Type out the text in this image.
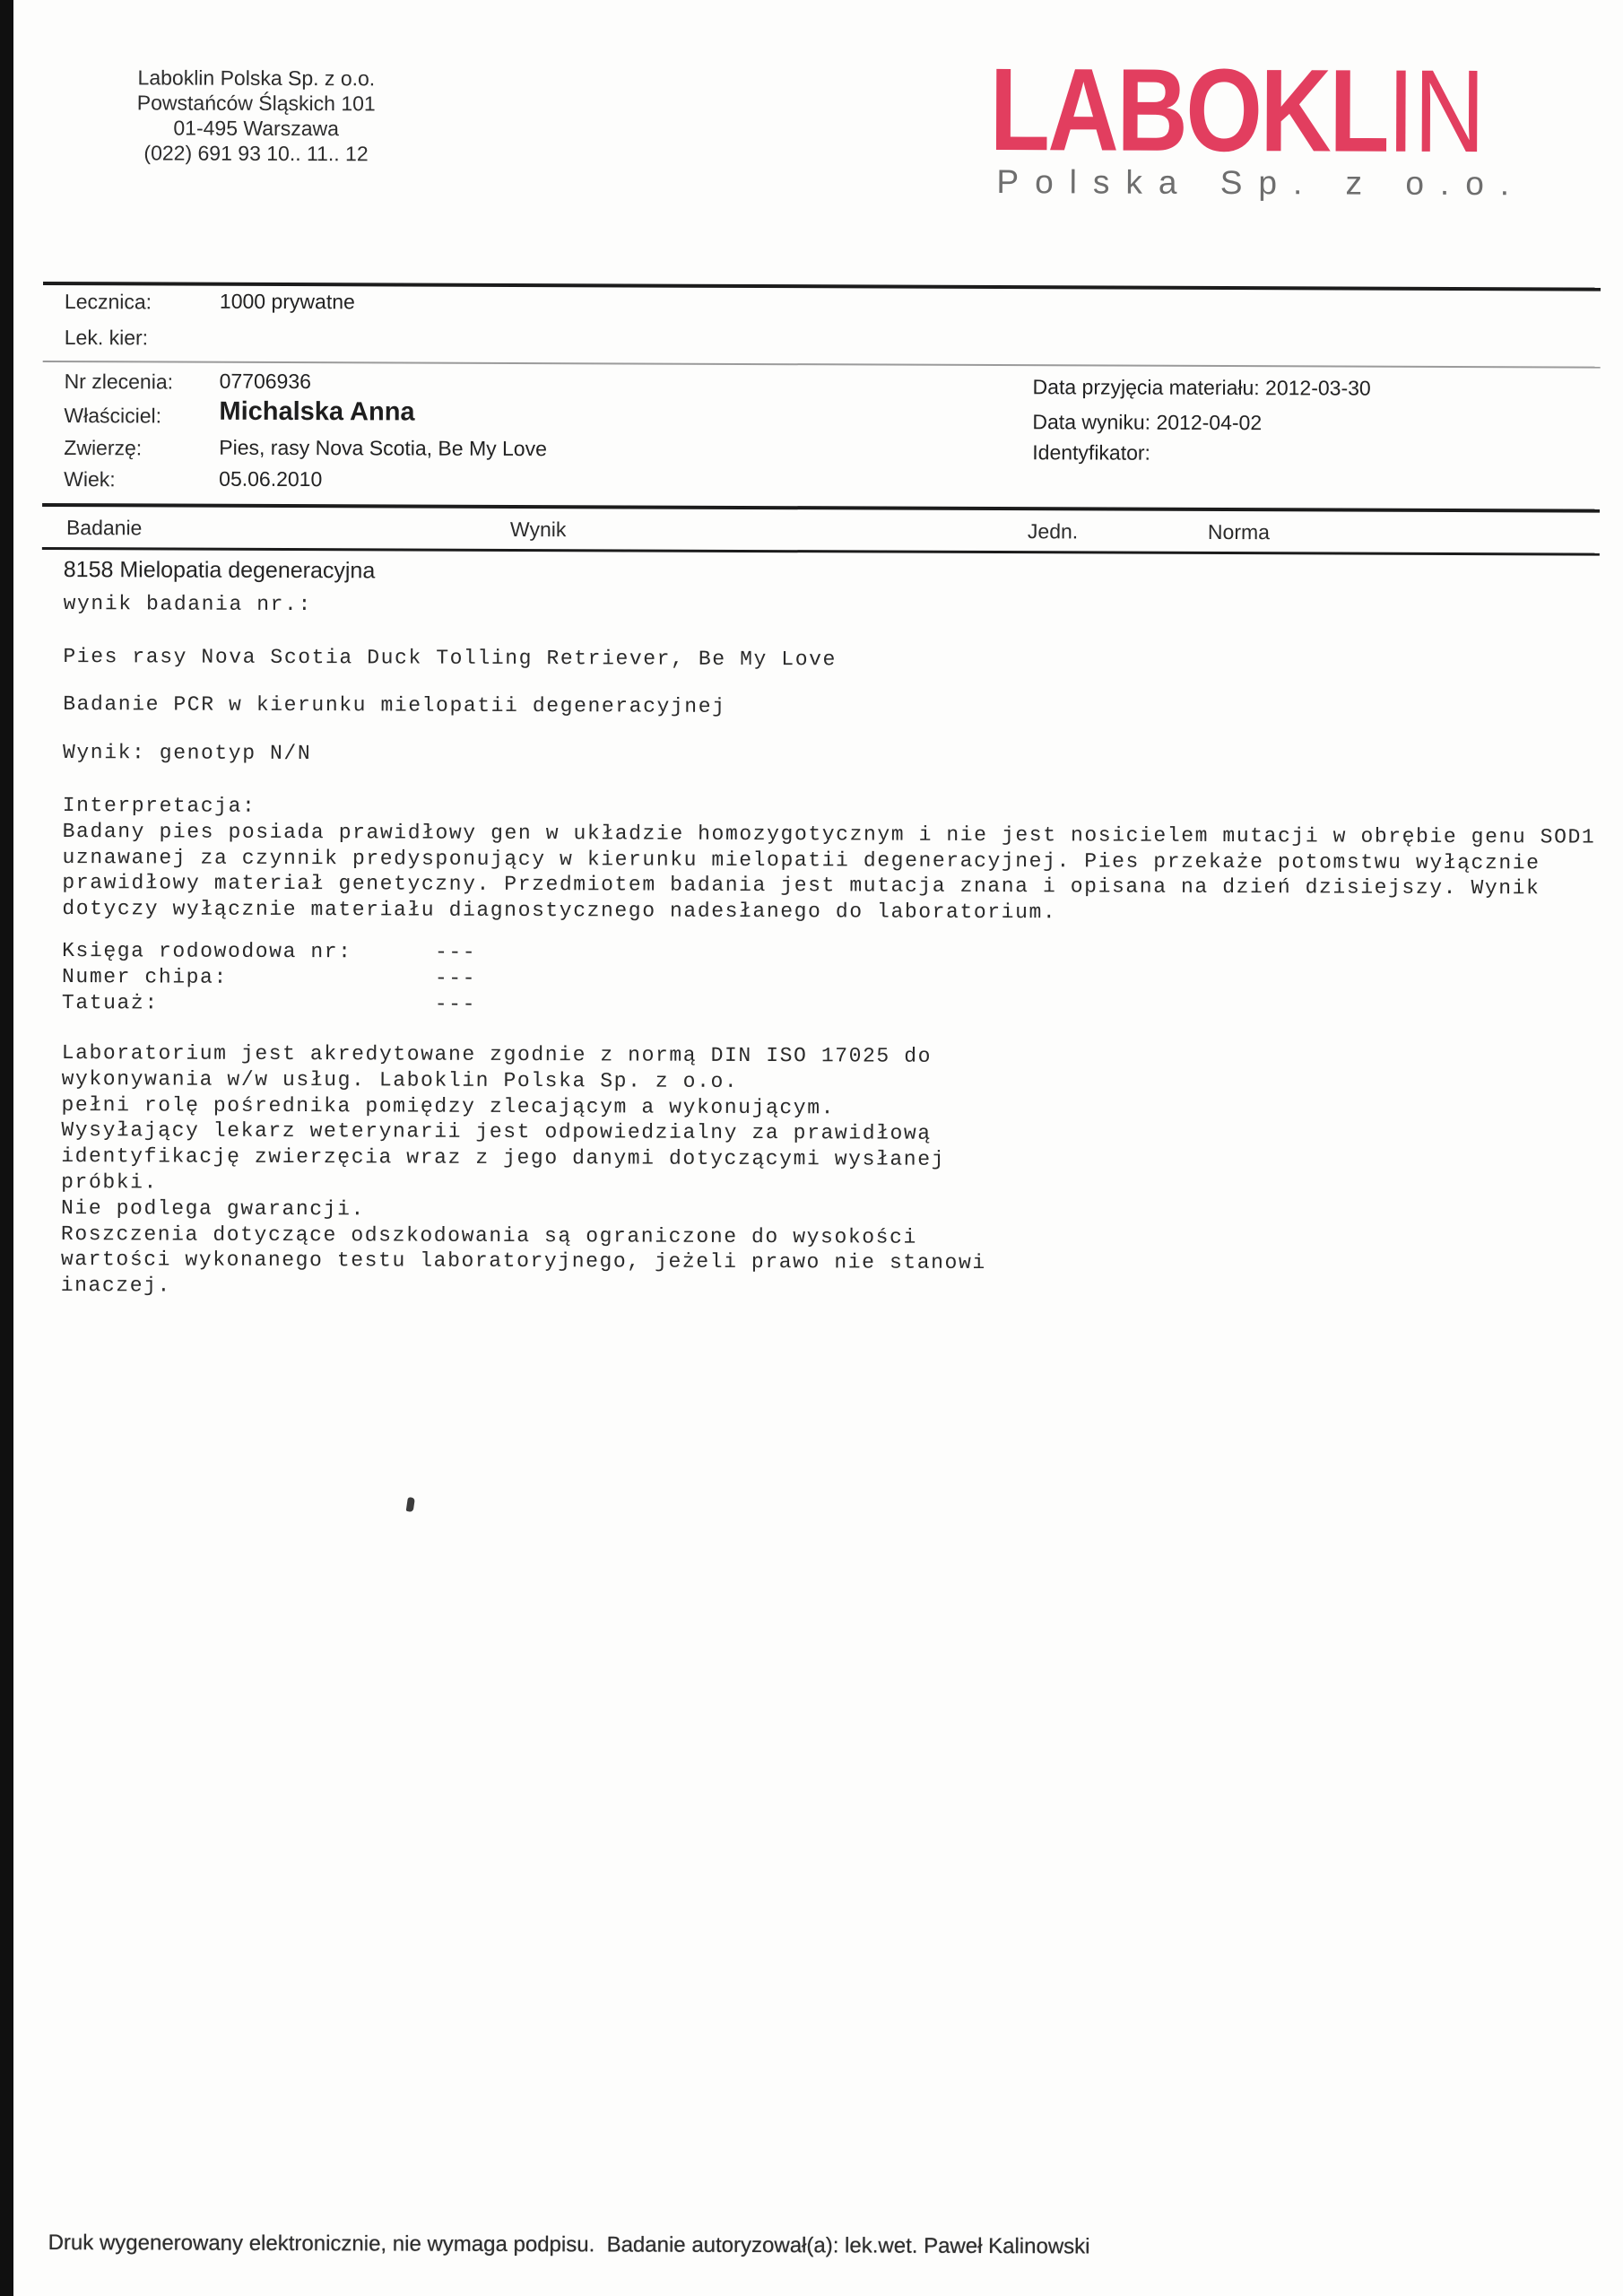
Laboklin Polska Sp. z o.o.
Powstańców Śląskich 101
01-495 Warszawa
(022) 691 93 10.. 11.. 12	LABOKLIN
Polska Sp. z o.o.
Lecznica:	1000 prywatne
Lek. kier:
Nr zlecenia: 07706936
Właściciel: Michalska Anna
Zwierzę:	Pies, rasy Nova Scotia, Be My Love
Wiek:	05.06.2010
Data przyjęcia materiału: 2012-03-30
Data wyniku: 2012-04-02
Identyfikator:
Badanie	Wynik	Jedn.	Norma
8158 Mielopatia degeneracyjna
wynik badania nr.:
Pies rasy Nova Scotia Duck Tolling Retriever, Be My Love
Badanie PCR w kierunku mielopatii degeneracyjnej
Wynik: genotyp N/N
Interpretacja:
Badany pies posiada prawidłowy gen w układzie homozygotycznym i nie jest nosicielem mutacji w obrębie genu SOD1
uznawanej za czynnik predysponujący w kierunku mielopatii degeneracyjnej. Pies przekaże potomstwu wyłącznie
prawidłowy materiał genetyczny. Przedmiotem badania jest mutacja znana i opisana na dzień dzisiejszy. Wynik
dotyczy wyłącznie materiału diagnostycznego nadesłanego do laboratorium.
Księga rodowodowa nr:      ---
Numer chipa:               ---
Tatuaż:                    ---
Laboratorium jest akredytowane zgodnie z normą DIN ISO 17025 do
wykonywania w/w usług. Laboklin Polska Sp. z o.o.
pełni rolę pośrednika pomiędzy zlecającym a wykonującym.
Wysyłający lekarz weterynarii jest odpowiedzialny za prawidłową
identyfikację zwierzęcia wraz z jego danymi dotyczącymi wysłanej
próbki.
Nie podlega gwarancji.
Roszczenia dotyczące odszkodowania są ograniczone do wysokości
wartości wykonanego testu laboratoryjnego, jeżeli prawo nie stanowi
inaczej.
Druk wygenerowany elektronicznie, nie wymaga podpisu.  Badanie autoryzował(a): lek.wet. Paweł Kalinowski
